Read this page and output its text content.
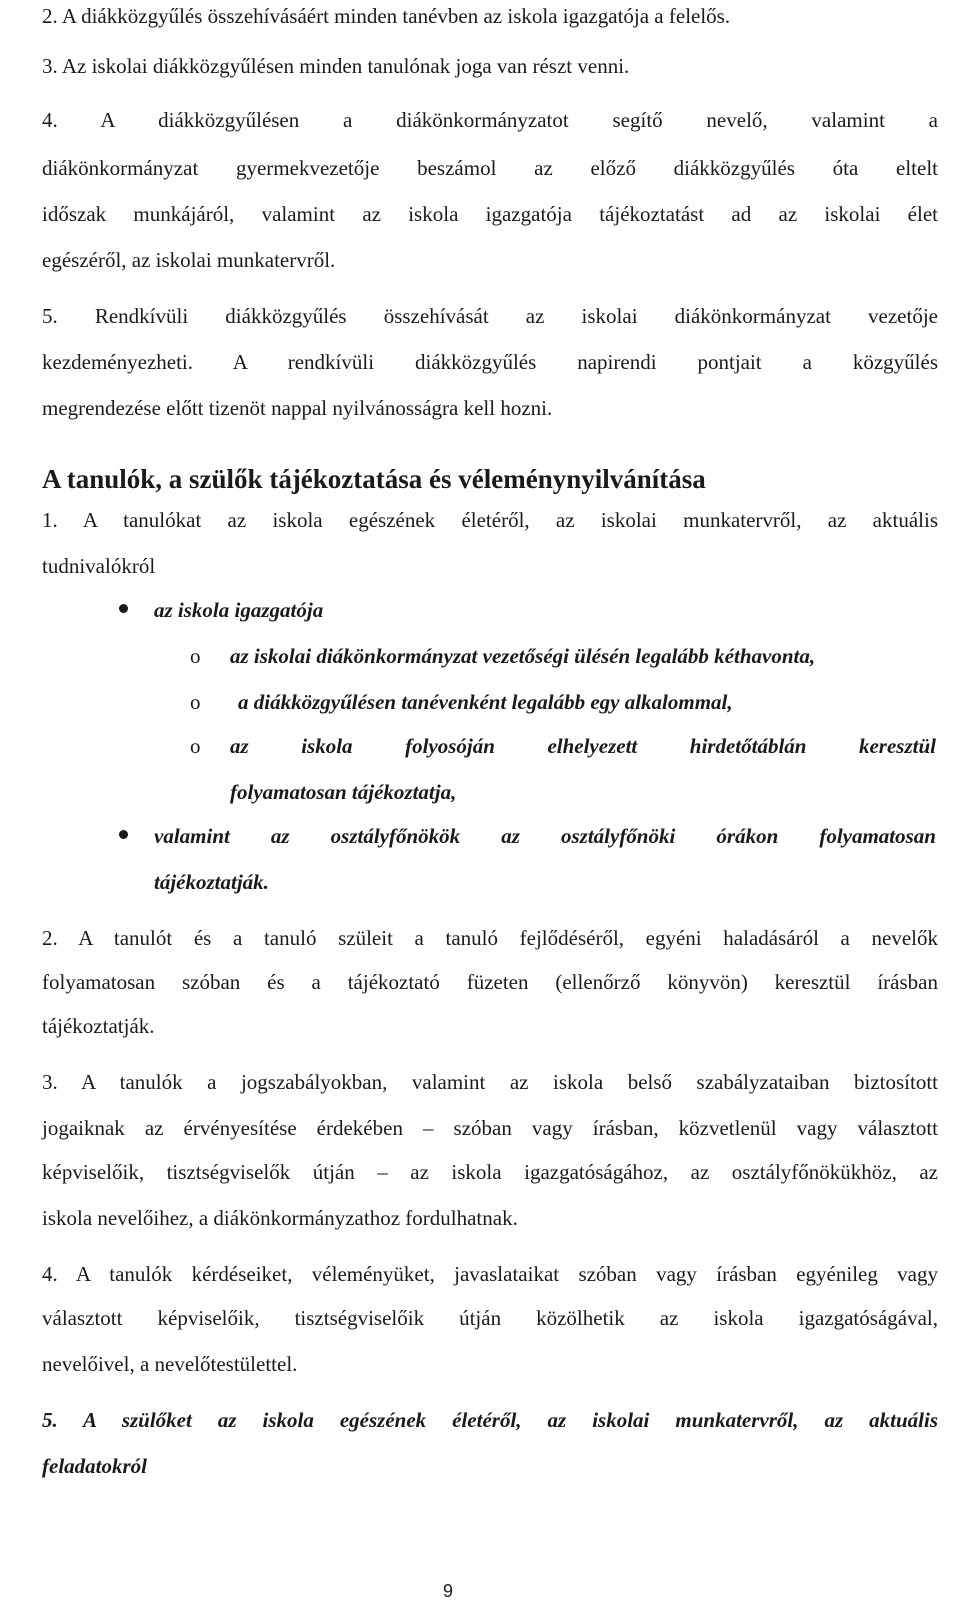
2. A diákközgyűlés összehívásáért minden tanévben az iskola igazgatója a felelős.
3. Az iskolai diákközgyűlésen minden tanulónak joga van részt venni.
4. A diákközgyűlésen a diákönkormányzatot segítő nevelő, valamint a
diákönkormányzat gyermekvezetője beszámol az előző diákközgyűlés óta eltelt
időszak munkájáról, valamint az iskola igazgatója tájékoztatást ad az iskolai élet
egészéről, az iskolai munkatervről.
5. Rendkívüli diákközgyűlés összehívását az iskolai diákönkormányzat vezetője
kezdeményezheti. A rendkívüli diákközgyűlés napirendi pontjait a közgyűlés
megrendezése előtt tizenöt nappal nyilvánosságra kell hozni.
A tanulók, a szülők tájékoztatása és véleménynyilvánítása
1. A tanulókat az iskola egészének életéről, az iskolai munkatervről, az aktuális
tudnivalókról
az iskola igazgatója
o az iskolai diákönkormányzat vezetőségi ülésén legalább kéthavonta,
o a diákközgyűlésen tanévenként legalább egy alkalommal,
o az iskola folyosóján elhelyezett hirdetőtáblán keresztül
folyamatosan tájékoztatja,
valamint az osztályfőnökök az osztályfőnöki órákon folyamatosan
tájékoztatják.
2. A tanulót és a tanuló szüleit a tanuló fejlődéséről, egyéni haladásáról a nevelők
folyamatosan szóban és a tájékoztató füzeten (ellenőrző könyvön) keresztül írásban
tájékoztatják.
3. A tanulók a jogszabályokban, valamint az iskola belső szabályzataiban biztosított
jogaiknak az érvényesítése érdekében – szóban vagy írásban, közvetlenül vagy választott
képviselőik, tisztségviselők útján – az iskola igazgatóságához, az osztályfőnökükhöz, az
iskola nevelőihez, a diákönkormányzathoz fordulhatnak.
4. A tanulók kérdéseiket, véleményüket, javaslataikat szóban vagy írásban egyénileg vagy
választott képviselőik, tisztségviselőik útján közölhetik az iskola igazgatóságával,
nevelőivel, a nevelőtestülettel.
5. A szülőket az iskola egészének életéről, az iskolai munkatervről, az aktuális
feladatokról
9
